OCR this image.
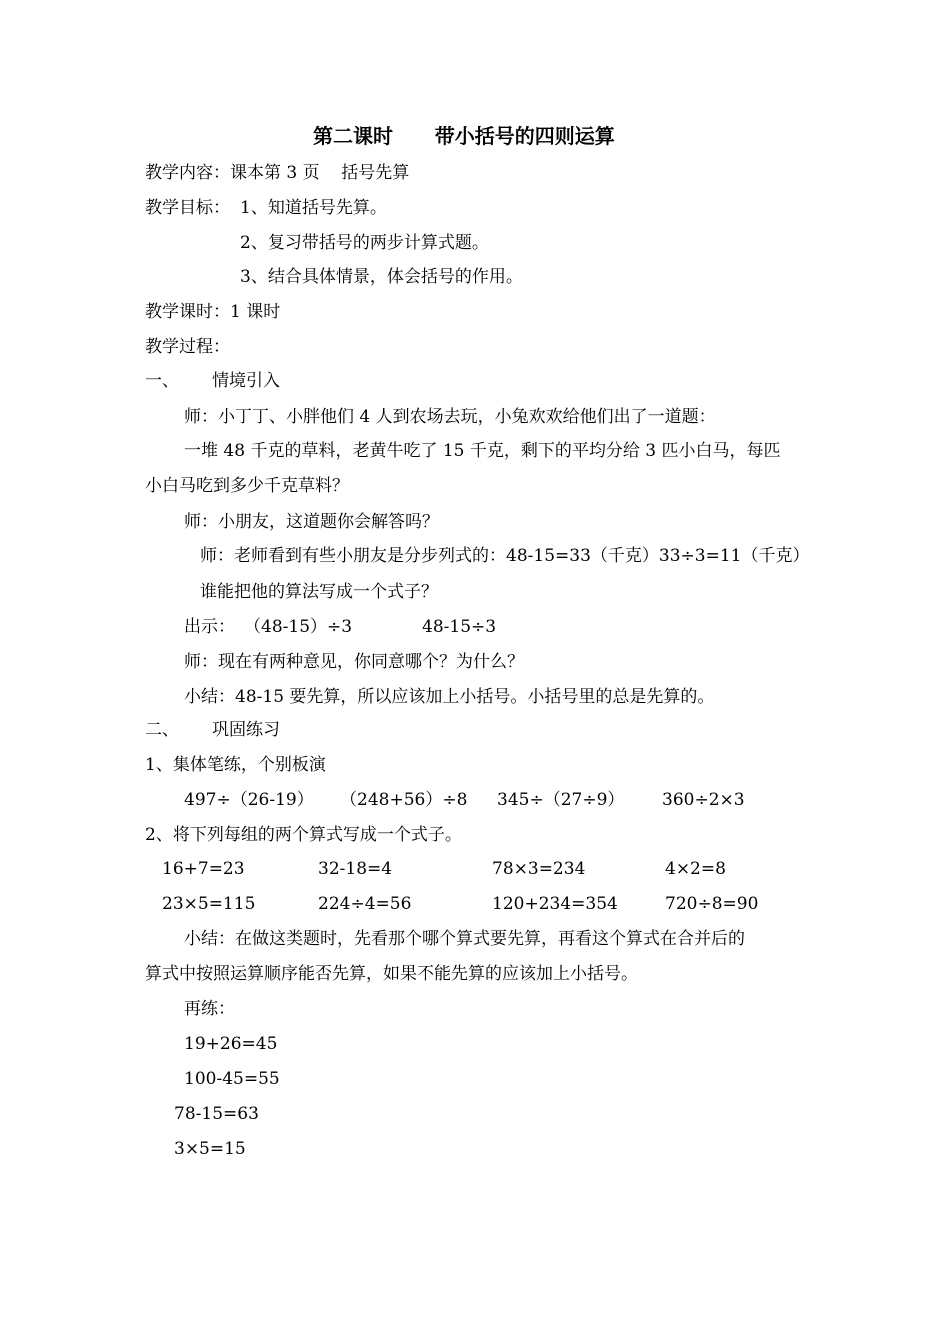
第二课时      带小括号的四则运算
教学内容：课本第 3 页    括号先算
教学目标： 1、知道括号先算。
2、复习带括号的两步计算式题。
3、结合具体情景，体会括号的作用。
教学课时：1 课时
教学过程：
一、 情境引入
师：小丁丁、小胖他们 4 人到农场去玩，小兔欢欢给他们出了一道题：
一堆 48 千克的草料，老黄牛吃了 15 千克，剩下的平均分给 3 匹小白马，每匹
小白马吃到多少千克草料？
师：小朋友，这道题你会解答吗？
师：老师看到有些小朋友是分步列式的：48-15=33（千克）33÷3=11（千克）
谁能把他的算法写成一个式子？
出示： （48-15）÷3	48-15÷3
师：现在有两种意见，你同意哪个？为什么？
小结：48-15 要先算，所以应该加上小括号。小括号里的总是先算的。
二、 巩固练习
1、集体笔练，个别板演
497÷（26-19） （248+56）÷8 345÷（27÷9） 360÷2×3
2、将下列每组的两个算式写成一个式子。
16+7=23	32-18=4	78×3=234	4×2=8
23×5=115	224÷4=56	120+234=354	720÷8=90
小结：在做这类题时，先看那个哪个算式要先算，再看这个算式在合并后的
算式中按照运算顺序能否先算，如果不能先算的应该加上小括号。
再练：
19+26=45
100-45=55
78-15=63
3×5=15
